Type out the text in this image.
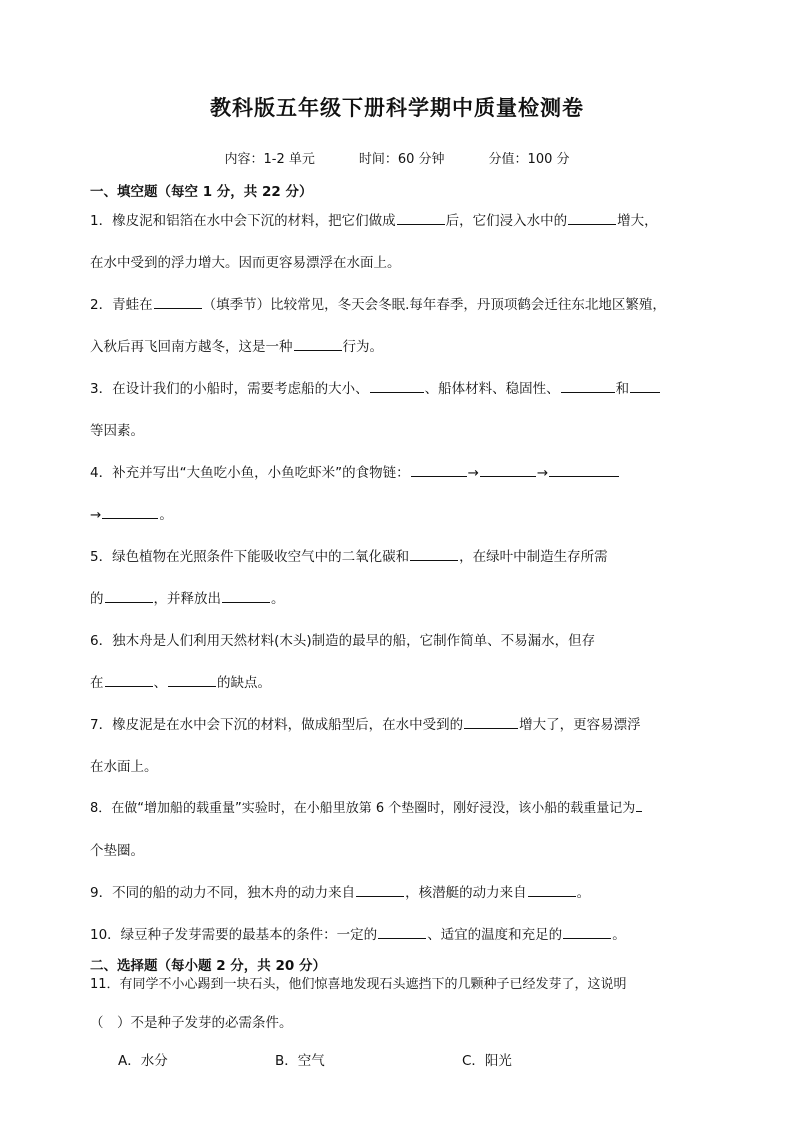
教科版五年级下册科学期中质量检测卷
内容：1-2 单元	时间：60 分钟	分值：100 分
一、填空题（每空 1 分，共 22 分）
1．橡皮泥和铝箔在水中会下沉的材料，把它们做成	后，它们浸入水中的	增大，
在水中受到的浮力增大。因而更容易漂浮在水面上。
2．青蛙在	（填季节）比较常见，冬天会冬眠.每年春季，丹顶项鹤会迁往东北地区繁殖，
入秋后再飞回南方越冬，这是一种	行为。
3．在设计我们的小船时，需要考虑船的大小、	、船体材料、稳固性、	和
等因素。
4．补充并写出“大鱼吃小鱼，小鱼吃虾米”的食物链：	→	→
→	。
5．绿色植物在光照条件下能吸收空气中的二氧化碳和	，在绿叶中制造生存所需
的	，并释放出	。
6．独木舟是人们利用天然材料(木头)制造的最早的船，它制作简单、不易漏水，但存
在	、	的缺点。
7．橡皮泥是在水中会下沉的材料，做成船型后，在水中受到的	增大了，更容易漂浮
在水面上。
8．在做“增加船的载重量”实验时，在小船里放第 6 个垫圈时，刚好浸没，该小船的载重量记为
个垫圈。
9．不同的船的动力不同，独木舟的动力来自	，核潜艇的动力来自	。
10．绿豆种子发芽需要的最基本的条件：一定的	、适宜的温度和充足的	。
二、选择题（每小题 2 分，共 20 分）
11．有同学不小心踢到一块石头，他们惊喜地发现石头遮挡下的几颗种子已经发芽了，这说明
（　）不是种子发芽的必需条件。
A．水分	B．空气	C．阳光
